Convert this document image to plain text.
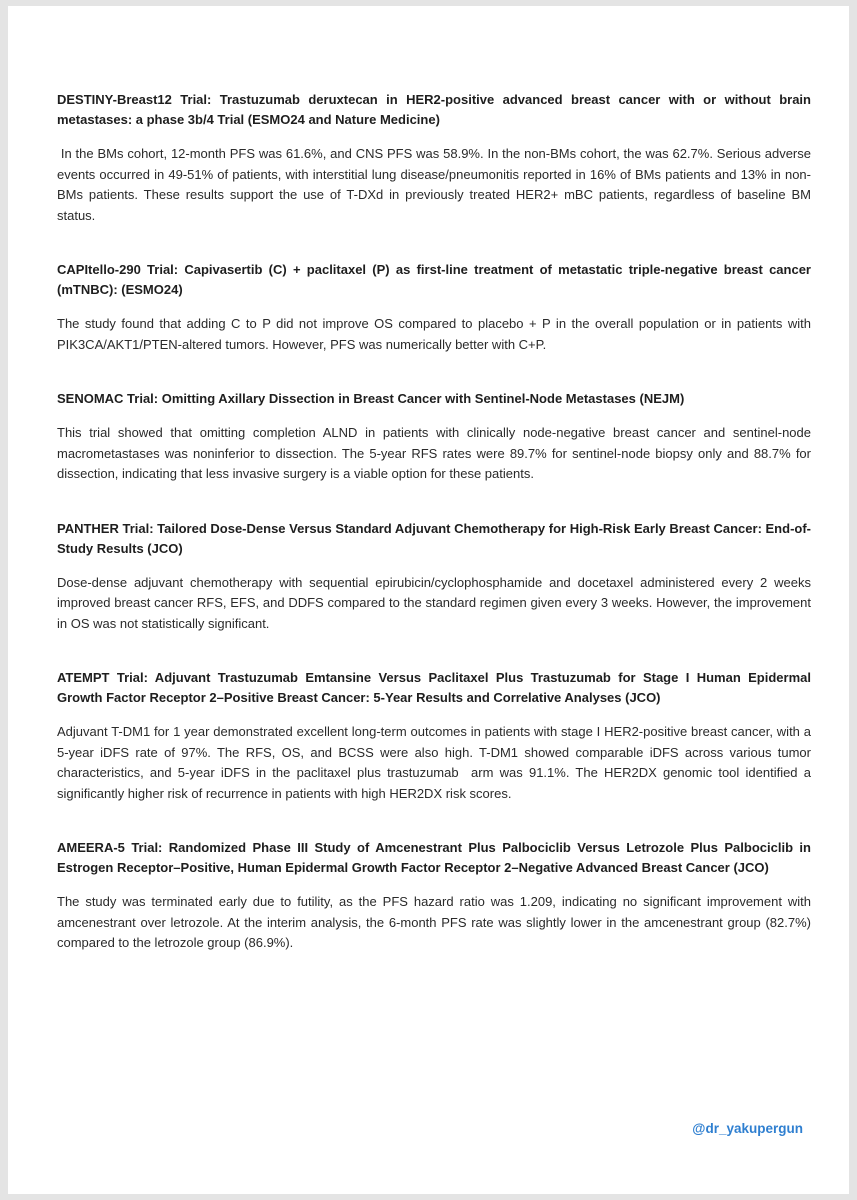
DESTINY-Breast12 Trial: Trastuzumab deruxtecan in HER2-positive advanced breast cancer with or without brain metastases: a phase 3b/4 Trial (ESMO24 and Nature Medicine)

In the BMs cohort, 12-month PFS was 61.6%, and CNS PFS was 58.9%. In the non-BMs cohort, the was 62.7%. Serious adverse events occurred in 49-51% of patients, with interstitial lung disease/pneumonitis reported in 16% of BMs patients and 13% in non-BMs patients. These results support the use of T-DXd in previously treated HER2+ mBC patients, regardless of baseline BM status.

CAPItello-290 Trial: Capivasertib (C) + paclitaxel (P) as first-line treatment of metastatic triple-negative breast cancer (mTNBC): (ESMO24)

The study found that adding C to P did not improve OS compared to placebo + P in the overall population or in patients with PIK3CA/AKT1/PTEN-altered tumors. However, PFS was numerically better with C+P.

SENOMAC Trial: Omitting Axillary Dissection in Breast Cancer with Sentinel-Node Metastases (NEJM)

This trial showed that omitting completion ALND in patients with clinically node-negative breast cancer and sentinel-node macrometastases was noninferior to dissection. The 5-year RFS rates were 89.7% for sentinel-node biopsy only and 88.7% for dissection, indicating that less invasive surgery is a viable option for these patients.

PANTHER Trial: Tailored Dose-Dense Versus Standard Adjuvant Chemotherapy for High-Risk Early Breast Cancer: End-of-Study Results (JCO)

Dose-dense adjuvant chemotherapy with sequential epirubicin/cyclophosphamide and docetaxel administered every 2 weeks improved breast cancer RFS, EFS, and DDFS compared to the standard regimen given every 3 weeks. However, the improvement in OS was not statistically significant.

ATEMPT Trial: Adjuvant Trastuzumab Emtansine Versus Paclitaxel Plus Trastuzumab for Stage I Human Epidermal Growth Factor Receptor 2–Positive Breast Cancer: 5-Year Results and Correlative Analyses (JCO)

Adjuvant T-DM1 for 1 year demonstrated excellent long-term outcomes in patients with stage I HER2-positive breast cancer, with a 5-year iDFS rate of 97%. The RFS, OS, and BCSS were also high. T-DM1 showed comparable iDFS across various tumor characteristics, and 5-year iDFS in the paclitaxel plus trastuzumab  arm was 91.1%. The HER2DX genomic tool identified a significantly higher risk of recurrence in patients with high HER2DX risk scores.

AMEERA-5 Trial: Randomized Phase III Study of Amcenestrant Plus Palbociclib Versus Letrozole Plus Palbociclib in Estrogen Receptor–Positive, Human Epidermal Growth Factor Receptor 2–Negative Advanced Breast Cancer (JCO)

The study was terminated early due to futility, as the PFS hazard ratio was 1.209, indicating no significant improvement with amcenestrant over letrozole. At the interim analysis, the 6-month PFS rate was slightly lower in the amcenestrant group (82.7%) compared to the letrozole group (86.9%).

@dr_yakupergun
